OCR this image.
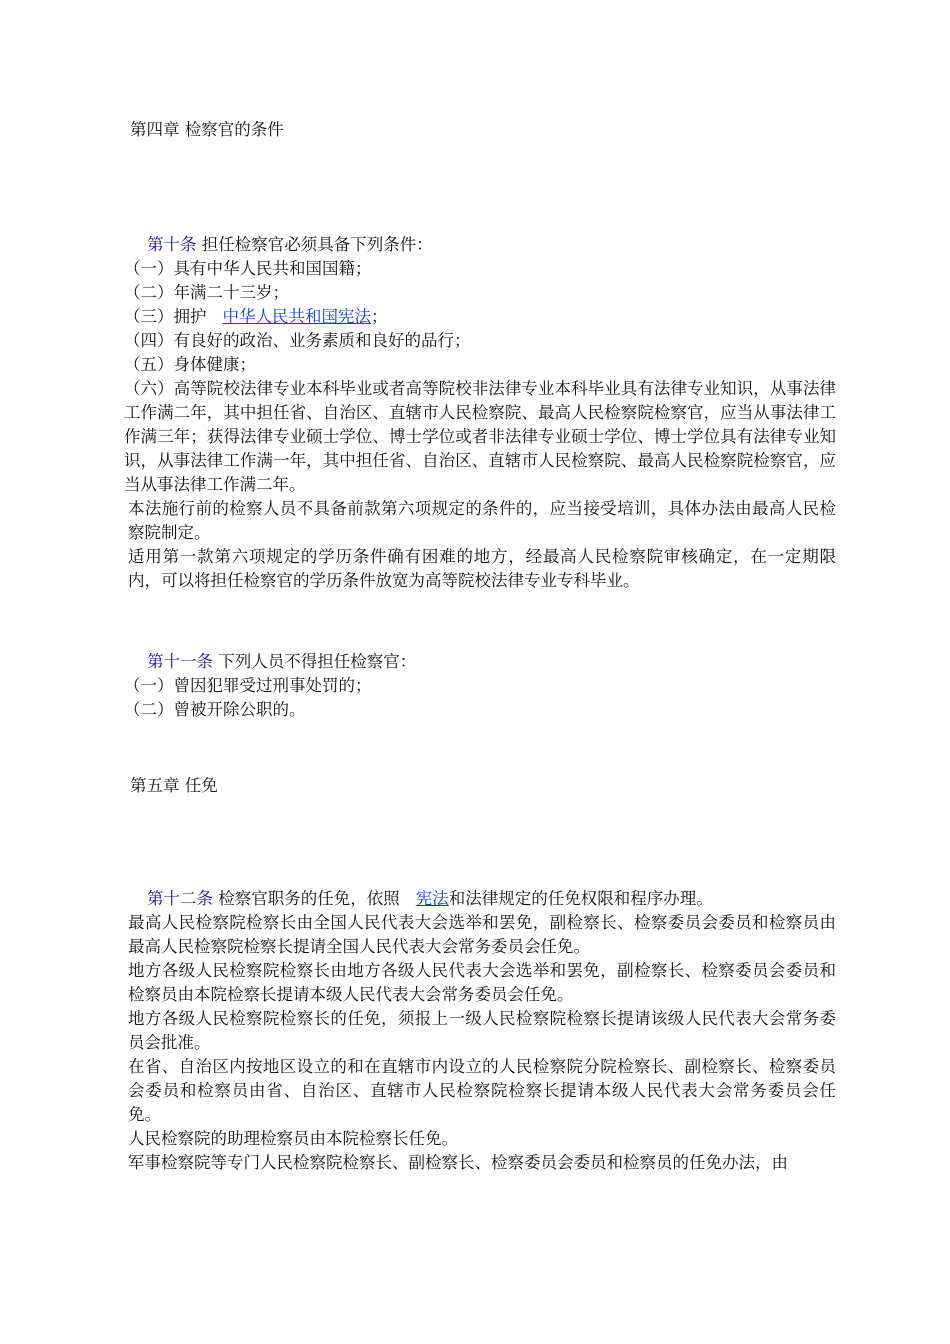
第四章 检察官的条件
第十条 担任检察官必须具备下列条件：
（一）具有中华人民共和国国籍；
（二）年满二十三岁；
（三）拥护 中华人民共和国宪法；
（四）有良好的政治、业务素质和良好的品行；
（五）身体健康；
（六）高等院校法律专业本科毕业或者高等院校非法律专业本科毕业具有法律专业知识，从事法律工作满二年，其中担任省、自治区、直辖市人民检察院、最高人民检察院检察官，应当从事法律工作满三年；获得法律专业硕士学位、博士学位或者非法律专业硕士学位、博士学位具有法律专业知识，从事法律工作满一年，其中担任省、自治区、直辖市人民检察院、最高人民检察院检察官，应当从事法律工作满二年。
本法施行前的检察人员不具备前款第六项规定的条件的，应当接受培训，具体办法由最高人民检察院制定。
适用第一款第六项规定的学历条件确有困难的地方，经最高人民检察院审核确定，在一定期限内，可以将担任检察官的学历条件放宽为高等院校法律专业专科毕业。
第十一条 下列人员不得担任检察官：
（一）曾因犯罪受过刑事处罚的；
（二）曾被开除公职的。
第五章 任免
第十二条 检察官职务的任免，依照 宪法和法律规定的任免权限和程序办理。
最高人民检察院检察长由全国人民代表大会选举和罢免，副检察长、检察委员会委员和检察员由最高人民检察院检察长提请全国人民代表大会常务委员会任免。
地方各级人民检察院检察长由地方各级人民代表大会选举和罢免，副检察长、检察委员会委员和检察员由本院检察长提请本级人民代表大会常务委员会任免。
地方各级人民检察院检察长的任免，须报上一级人民检察院检察长提请该级人民代表大会常务委员会批准。
在省、自治区内按地区设立的和在直辖市内设立的人民检察院分院检察长、副检察长、检察委员会委员和检察员由省、自治区、直辖市人民检察院检察长提请本级人民代表大会常务委员会任免。
人民检察院的助理检察员由本院检察长任免。
军事检察院等专门人民检察院检察长、副检察长、检察委员会委员和检察员的任免办法，由
